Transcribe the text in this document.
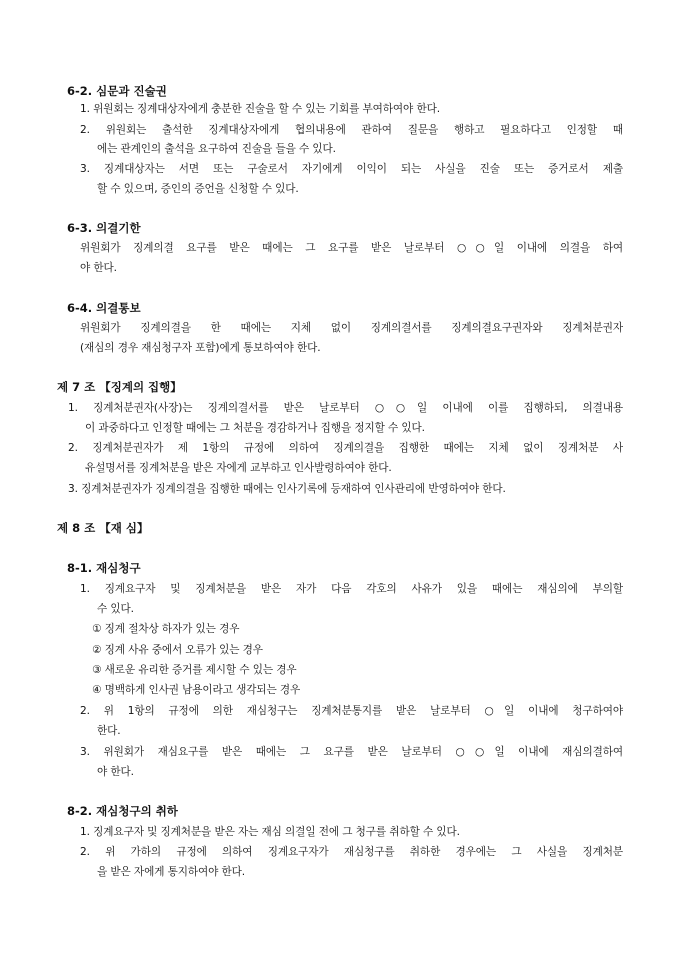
6-2. 심문과 진술권
1. 위원회는 징계대상자에게 충분한 진술을 할 수 있는 기회를 부여하여야 한다.
2. 위원회는 출석한 징계대상자에게 협의내용에 관하여 질문을 행하고 필요하다고 인정할 때
에는 관계인의 출석을 요구하여 진술을 들을 수 있다.
3. 징계대상자는 서면 또는 구술로서 자기에게 이익이 되는 사실을 진술 또는 증거로서 제출
할 수 있으며, 증인의 증언을 신청할 수 있다.
6-3. 의결기한
위원회가 징계의결 요구를 받은 때에는 그 요구를 받은 날로부터 ○○일 이내에 의결을 하여
야 한다.
6-4. 의결통보
위원회가 징계의결을 한 때에는 지체 없이 징계의결서를 징계의결요구권자와 징계처분권자
(재심의 경우 재심청구자 포함)에게 통보하여야 한다.
제 7 조 【징계의 집행】
1. 징계처분권자(사장)는 징계의결서를 받은 날로부터 ○○일 이내에 이를 집행하되, 의결내용
이 과중하다고 인정할 때에는 그 처분을 경감하거나 집행을 정지할 수 있다.
2. 징계처분권자가 제 1항의 규정에 의하여 징계의결을 집행한 때에는 지체 없이 징계처분 사
유설명서를 징계처분을 받은 자에게 교부하고 인사발령하여야 한다.
3. 징계처분권자가 징계의결을 집행한 때에는 인사기록에 등재하여 인사관리에 반영하여야 한다.
제 8 조 【재 심】
8-1. 재심청구
1. 징계요구자 및 징계처분을 받은 자가 다음 각호의 사유가 있을 때에는 재심의에 부의할
수 있다.
① 징계 절차상 하자가 있는 경우
② 징계 사유 중에서 오류가 있는 경우
③ 새로운 유리한 증거를 제시할 수 있는 경우
④ 명백하게 인사권 남용이라고 생각되는 경우
2. 위 1항의 규정에 의한 재심청구는 징계처분통지를 받은 날로부터 ○일 이내에 청구하여야
한다.
3. 위원회가 재심요구를 받은 때에는 그 요구를 받은 날로부터 ○○일 이내에 재심의결하여
야 한다.
8-2. 재심청구의 취하
1. 징계요구자 및 징계처분을 받은 자는 재심 의결일 전에 그 청구를 취하할 수 있다.
2. 위 가하의 규정에 의하여 징계요구자가 재심청구를 취하한 경우에는 그 사실을 징계처분
을 받은 자에게 통지하여야 한다.
